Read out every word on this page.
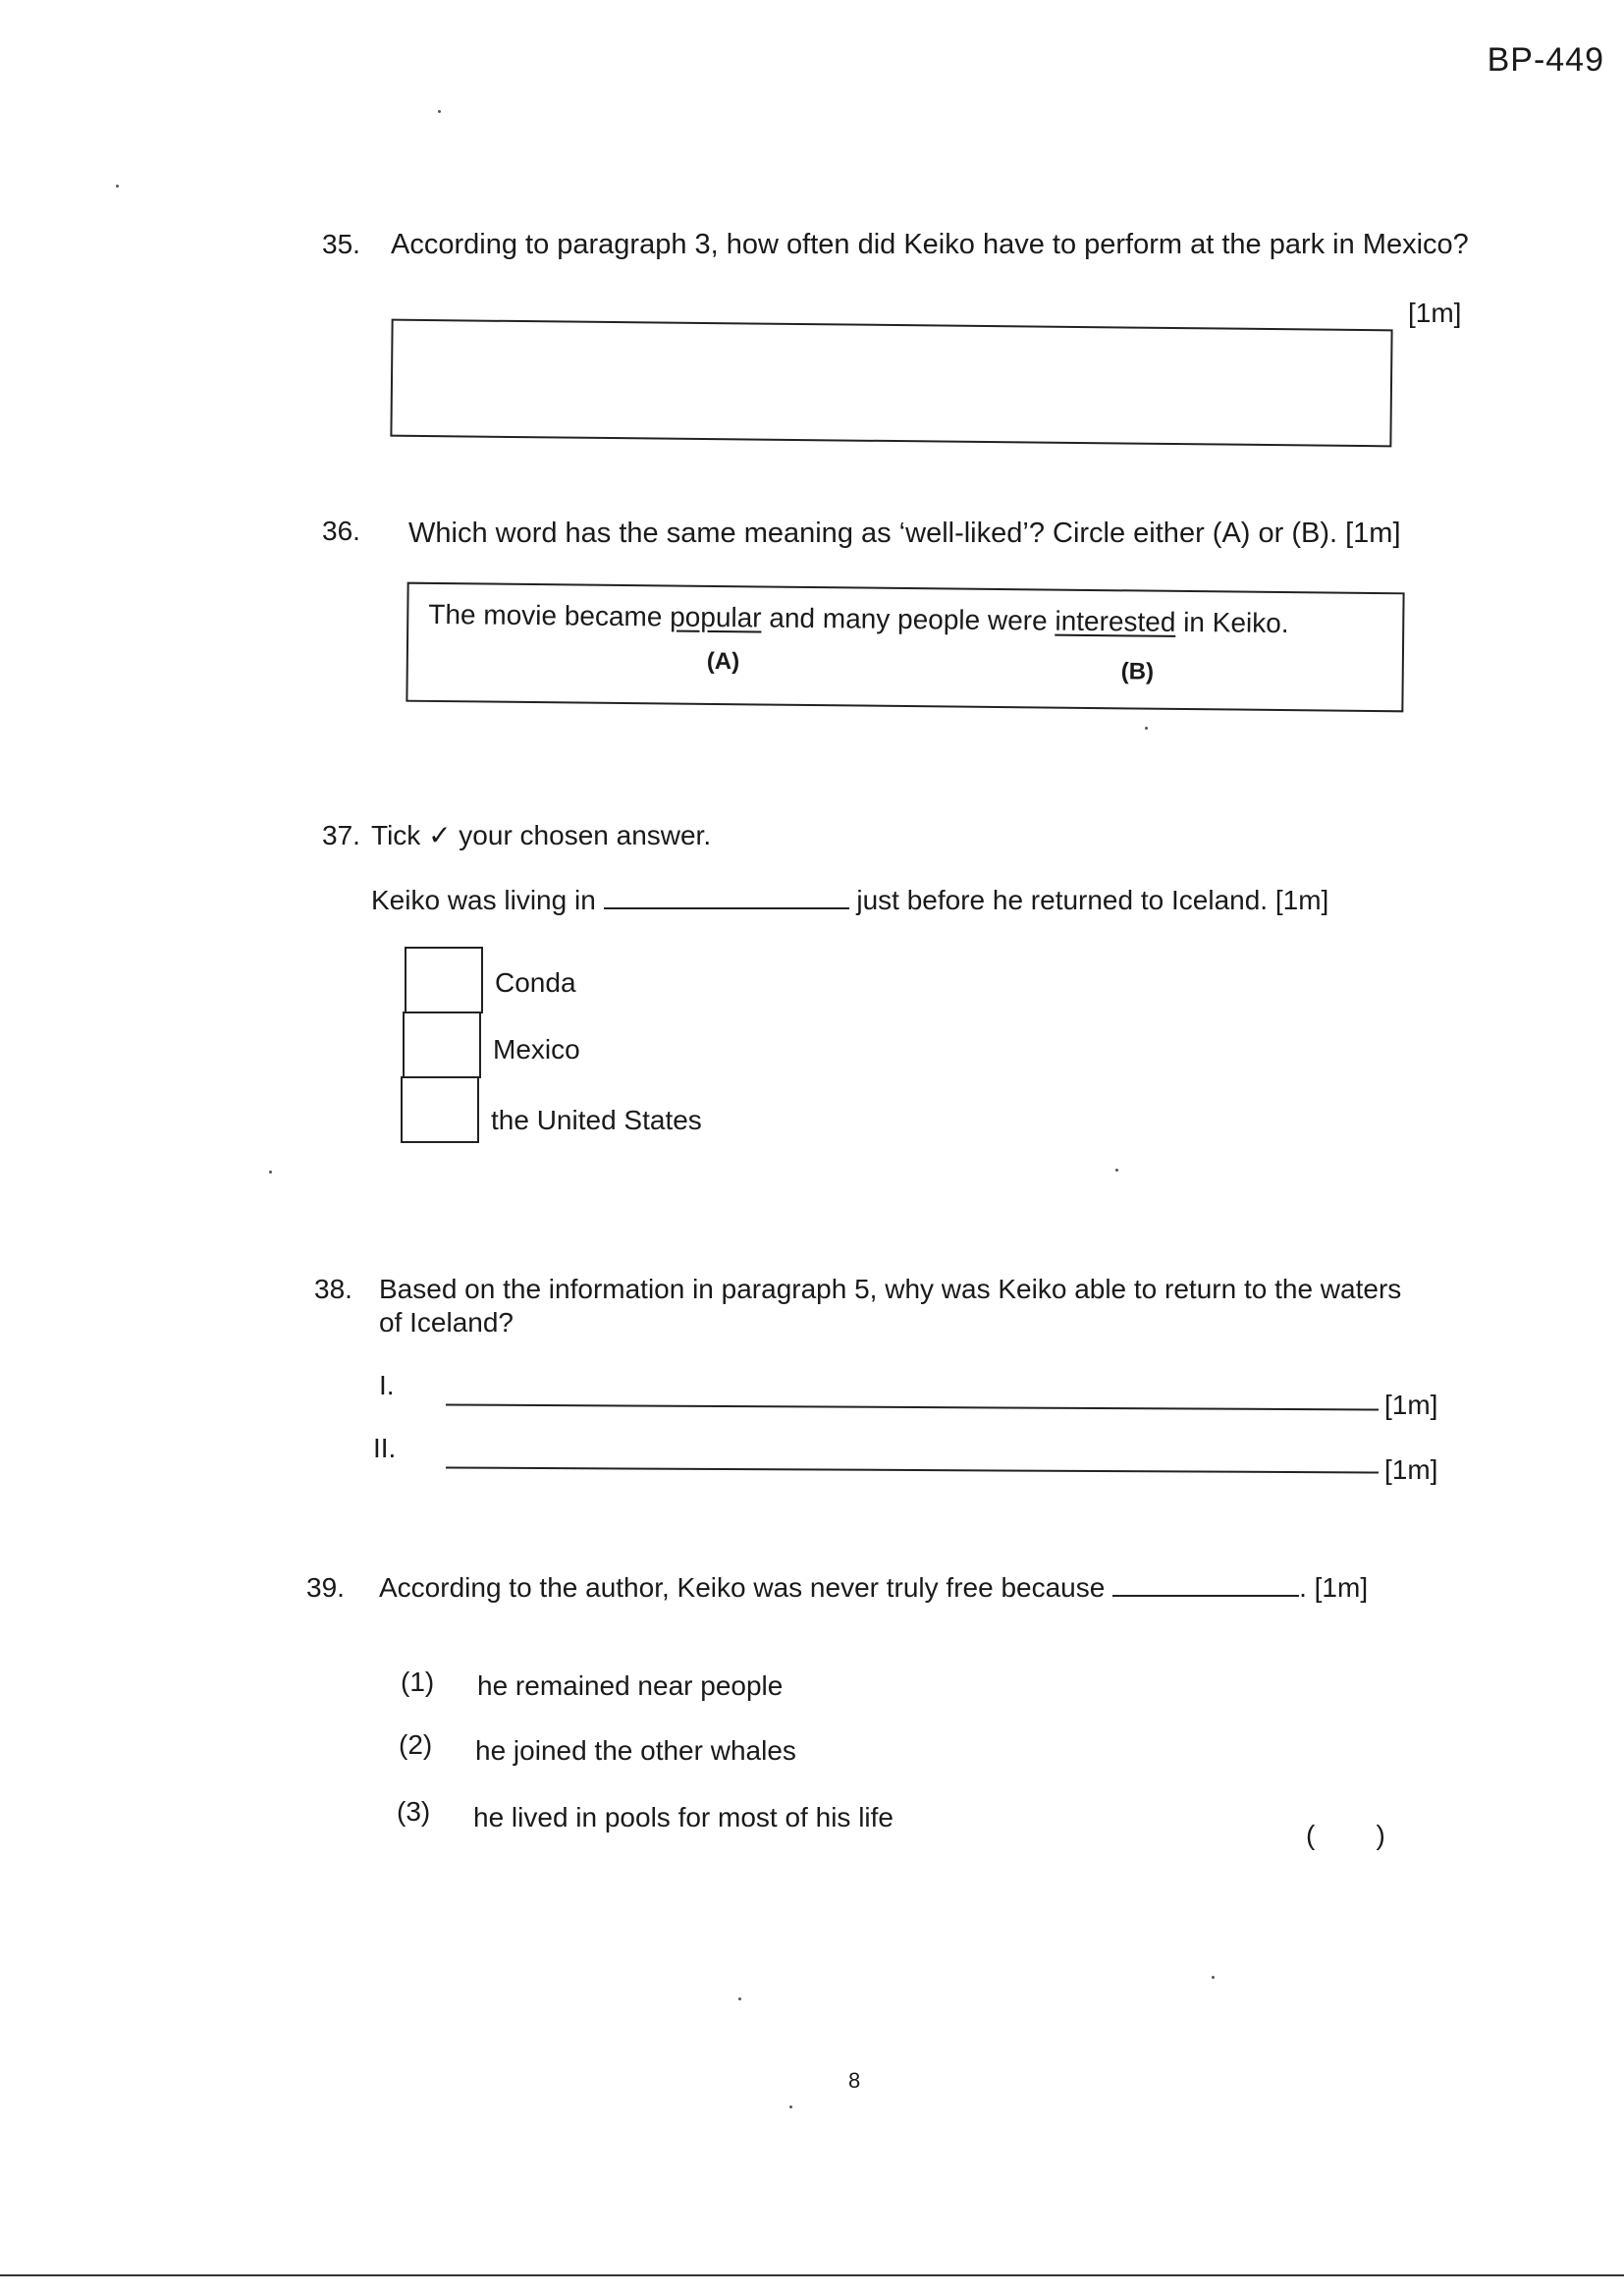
BP-449
35. According to paragraph 3, how often did Keiko have to perform at the park in Mexico?
[1m]
36. Which word has the same meaning as ‘well-liked’? Circle either (A) or (B). [1m]
The movie became popular and many people were interested in Keiko.
(A)	(B)
37. Tick ✓ your chosen answer.
Keiko was living in	just before he returned to Iceland. [1m]
Conda
Mexico
the United States
38. Based on the information in paragraph 5, why was Keiko able to return to the waters
of Iceland?
I.
[1m]
II.
[1m]
39. According to the author, Keiko was never truly free because	. [1m]
(1) he remained near people
(2) he joined the other whales
(3) he lived in pools for most of his life
(        )
8
